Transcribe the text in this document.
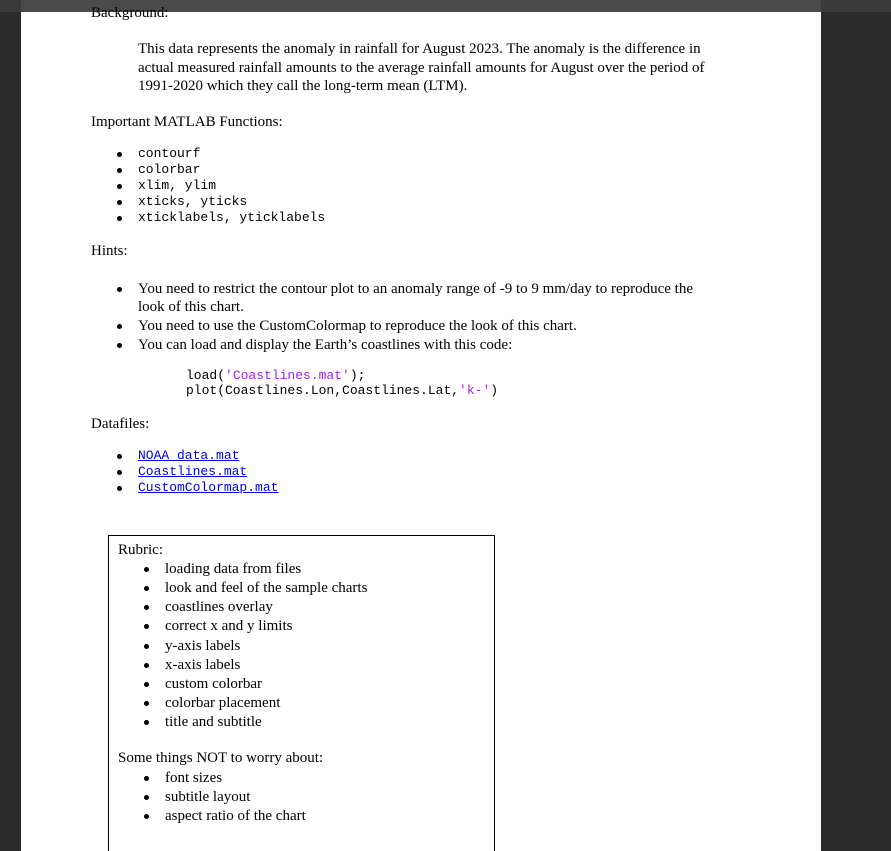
Background:
This data represents the anomaly in rainfall for August 2023. The anomaly is the difference in actual measured rainfall amounts to the average rainfall amounts for August over the period of 1991-2020 which they call the long-term mean (LTM).
Important MATLAB Functions:
contourf
colorbar
xlim, ylim
xticks, yticks
xticklabels, yticklabels
Hints:
You need to restrict the contour plot to an anomaly range of -9 to 9 mm/day to reproduce the
look of this chart.
You need to use the CustomColormap to reproduce the look of this chart.
You can load and display the Earth’s coastlines with this code:
load('Coastlines.mat');
plot(Coastlines.Lon,Coastlines.Lat,'k-')
Datafiles:
NOAA_data.mat
Coastlines.mat
CustomColormap.mat
Rubric:
loading data from files
look and feel of the sample charts
coastlines overlay
correct x and y limits
y-axis labels
x-axis labels
custom colorbar
colorbar placement
title and subtitle
Some things NOT to worry about:
font sizes
subtitle layout
aspect ratio of the chart
